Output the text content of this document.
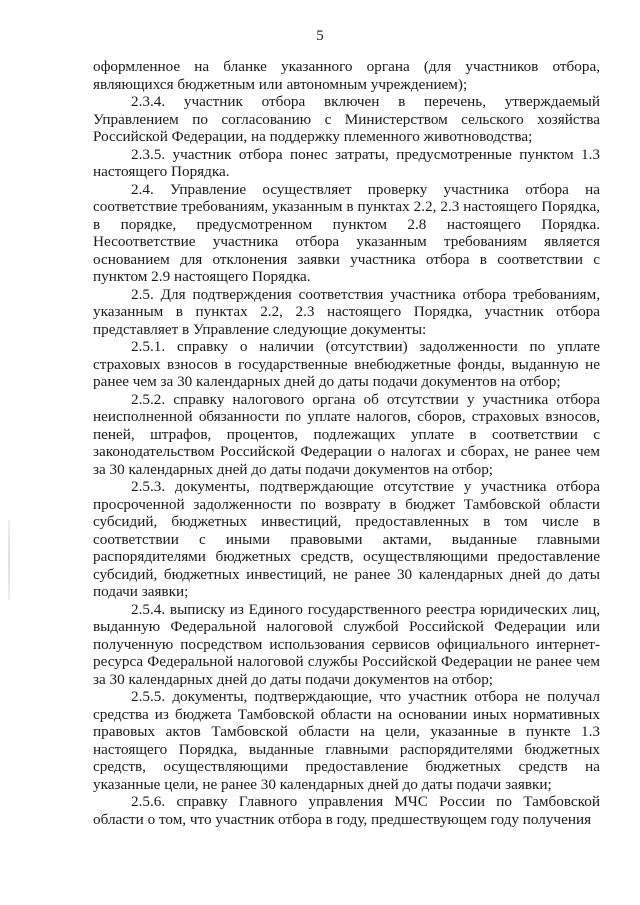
5

оформленное на бланке указанного органа (для участников отбора, являющихся бюджетным или автономным учреждением);

2.3.4. участник отбора включен в перечень, утверждаемый Управлением по согласованию с Министерством сельского хозяйства Российской Федерации, на поддержку племенного животноводства;

2.3.5. участник отбора понес затраты, предусмотренные пунктом 1.3 настоящего Порядка.

2.4. Управление осуществляет проверку участника отбора на соответствие требованиям, указанным в пунктах 2.2, 2.3 настоящего Порядка, в порядке, предусмотренном пунктом 2.8 настоящего Порядка. Несоответствие участника отбора указанным требованиям является основанием для отклонения заявки участника отбора в соответствии с пунктом 2.9 настоящего Порядка.

2.5. Для подтверждения соответствия участника отбора требованиям, указанным в пунктах 2.2, 2.3 настоящего Порядка, участник отбора представляет в Управление следующие документы:

2.5.1. справку о наличии (отсутствии) задолженности по уплате страховых взносов в государственные внебюджетные фонды, выданную не ранее чем за 30 календарных дней до даты подачи документов на отбор;

2.5.2. справку налогового органа об отсутствии у участника отбора неисполненной обязанности по уплате налогов, сборов, страховых взносов, пеней, штрафов, процентов, подлежащих уплате в соответствии с законодательством Российской Федерации о налогах и сборах, не ранее чем за 30 календарных дней до даты подачи документов на отбор;

2.5.3. документы, подтверждающие отсутствие у участника отбора просроченной задолженности по возврату в бюджет Тамбовской области субсидий, бюджетных инвестиций, предоставленных в том числе в соответствии с иными правовыми актами, выданные главными распорядителями бюджетных средств, осуществляющими предоставление субсидий, бюджетных инвестиций, не ранее 30 календарных дней до даты подачи заявки;

2.5.4. выписку из Единого государственного реестра юридических лиц, выданную Федеральной налоговой службой Российской Федерации или полученную посредством использования сервисов официального интернет-ресурса Федеральной налоговой службы Российской Федерации не ранее чем за 30 календарных дней до даты подачи документов на отбор;

2.5.5. документы, подтверждающие, что участник отбора не получал средства из бюджета Тамбовской области на основании иных нормативных правовых актов Тамбовской области на цели, указанные в пункте 1.3 настоящего Порядка, выданные главными распорядителями бюджетных средств, осуществляющими предоставление бюджетных средств на указанные цели, не ранее 30 календарных дней до даты подачи заявки;

2.5.6. справку Главного управления МЧС России по Тамбовской области о том, что участник отбора в году, предшествующем году получения
